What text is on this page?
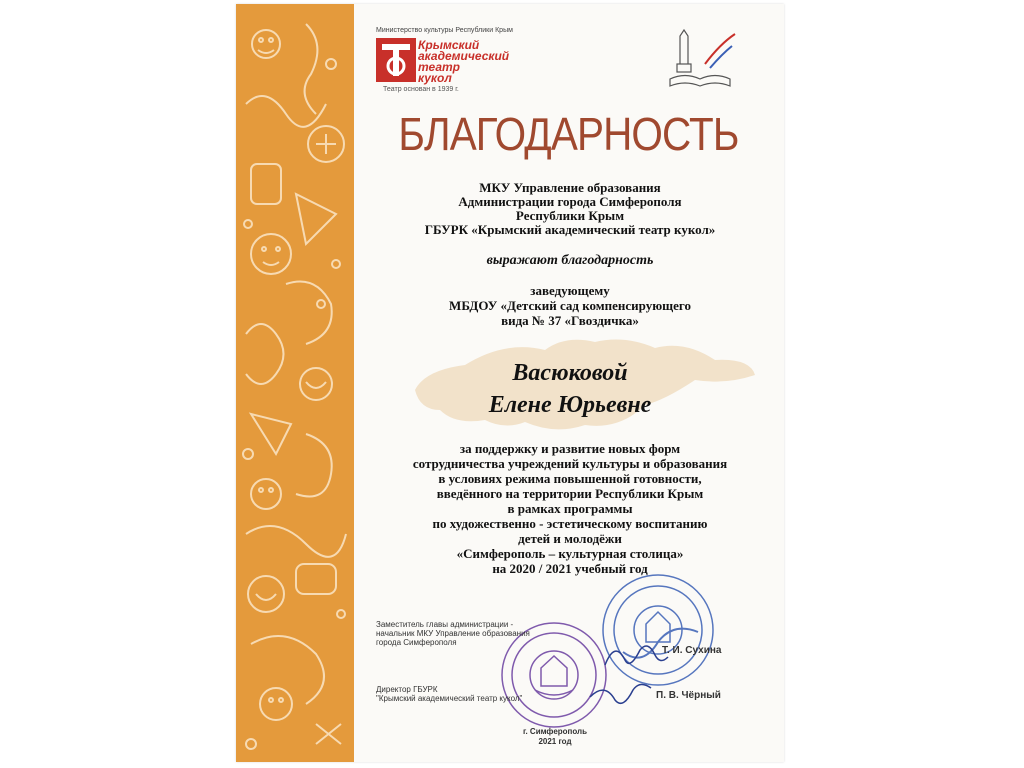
Министерство культуры Республики Крым
Крымский
академический
театр
кукол
Театр основан в 1939 г.
БЛАГОДАРНОСТЬ
МКУ Управление образования
Администрации города Симферополя
Республики Крым
ГБУРК «Крымский академический театр кукол»
выражают благодарность
заведующему
МБДОУ «Детский сад компенсирующего
вида № 37 «Гвоздичка»
Васюковой
Елене Юрьевне
за поддержку и развитие новых форм
сотрудничества учреждений культуры и образования
в условиях режима повышенной готовности,
введённого на территории Республики Крым
в рамках программы
по художественно - эстетическому воспитанию
детей и молодёжи
«Симферополь – культурная столица»
на 2020 / 2021 учебный год
Заместитель главы администрации -
начальник МКУ Управление образования
города Симферополя
Т. И. Сухина
Директор ГБУРК
"Крымский академический театр кукол"	П. В. Чёрный
г. Симферополь
2021 год
